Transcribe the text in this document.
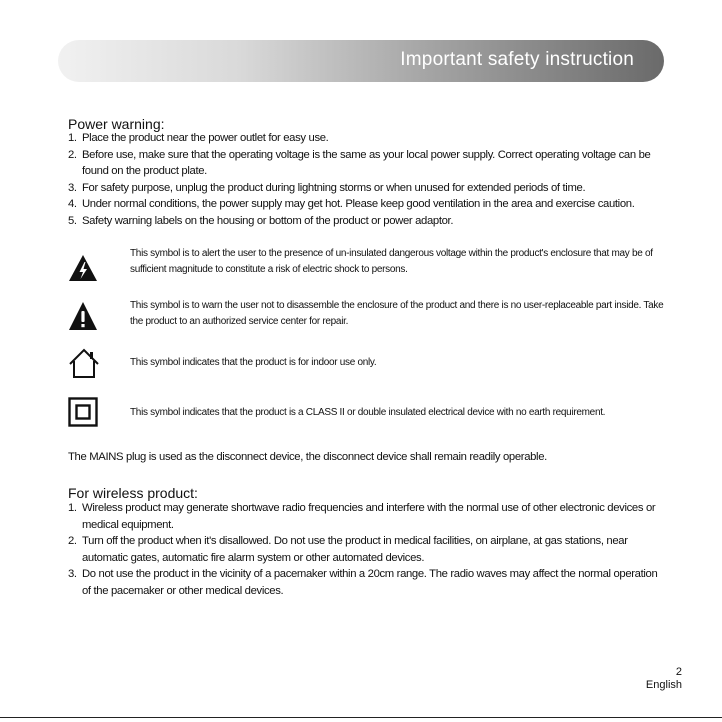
Important safety instruction
Power warning:
1. Place the product near the power outlet for easy use.
2. Before use, make sure that the operating voltage is the same as your local power supply. Correct operating voltage can be found on the product plate.
3. For safety purpose, unplug the product during lightning storms or when unused for extended periods of time.
4. Under normal conditions, the power supply may get hot. Please keep good ventilation in the area and exercise caution.
5. Safety warning labels on the housing or bottom of the product or power adaptor.
This symbol is to alert the user to the presence of un-insulated dangerous voltage within the product's enclosure that may be of sufficient magnitude to constitute a risk of electric shock to persons.
This symbol is to warn the user not to disassemble the enclosure of the product and there is no user-replaceable part inside. Take the product to an authorized service center for repair.
This symbol indicates that the product is for indoor use only.
This symbol indicates that the product is a CLASS II or double insulated electrical device with no earth requirement.
The MAINS plug is used as the disconnect device, the disconnect device shall remain readily operable.
For wireless product:
1. Wireless product may generate shortwave radio frequencies and interfere with the normal use of other electronic devices or medical equipment.
2. Turn off the product when it's disallowed. Do not use the product in medical facilities, on airplane, at gas stations, near automatic gates, automatic fire alarm system or other automated devices.
3. Do not use the product in the vicinity of a pacemaker within a 20cm range. The radio waves may affect the normal operation of the pacemaker or other medical devices.
2
English
